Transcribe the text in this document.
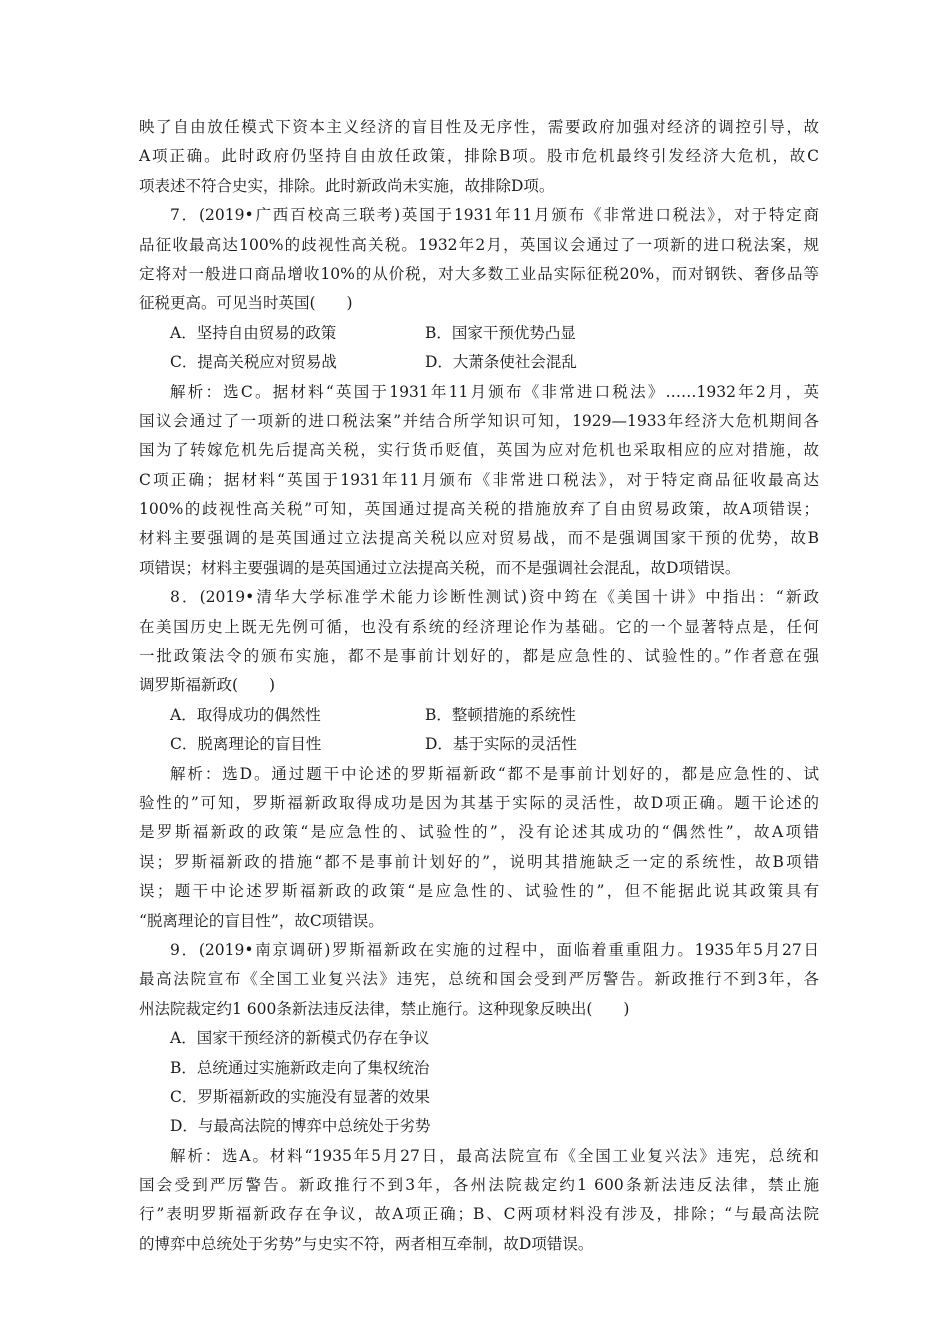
映了自由放任模式下资本主义经济的盲目性及无序性，需要政府加强对经济的调控引导，故
A项正确。此时政府仍坚持自由放任政策，排除B项。股市危机最终引发经济大危机，故C
项表述不符合史实，排除。此时新政尚未实施，故排除D项。
7．(2019•广西百校高三联考)英国于1931年11月颁布《非常进口税法》，对于特定商
品征收最高达100%的歧视性高关税。1932年2月，英国议会通过了一项新的进口税法案，规
定将对一般进口商品增收10%的从价税，对大多数工业品实际征税20%，而对钢铁、奢侈品等
征税更高。可见当时英国(　　)
A．坚持自由贸易的政策	B．国家干预优势凸显
C．提高关税应对贸易战	D．大萧条使社会混乱
解析：选C。据材料“英国于1931年11月颁布《非常进口税法》……1932年2月，英
国议会通过了一项新的进口税法案”并结合所学知识可知，1929—1933年经济大危机期间各
国为了转嫁危机先后提高关税，实行货币贬值，英国为应对危机也采取相应的应对措施，故
C项正确；据材料“英国于1931年11月颁布《非常进口税法》，对于特定商品征收最高达
100%的歧视性高关税”可知，英国通过提高关税的措施放弃了自由贸易政策，故A项错误；
材料主要强调的是英国通过立法提高关税以应对贸易战，而不是强调国家干预的优势，故B
项错误；材料主要强调的是英国通过立法提高关税，而不是强调社会混乱，故D项错误。
8．(2019•清华大学标准学术能力诊断性测试)资中筠在《美国十讲》中指出：“新政
在美国历史上既无先例可循，也没有系统的经济理论作为基础。它的一个显著特点是，任何
一批政策法令的颁布实施，都不是事前计划好的，都是应急性的、试验性的。”作者意在强
调罗斯福新政(　　)
A．取得成功的偶然性	B．整顿措施的系统性
C．脱离理论的盲目性	D．基于实际的灵活性
解析：选D。通过题干中论述的罗斯福新政“都不是事前计划好的，都是应急性的、试
验性的”可知，罗斯福新政取得成功是因为其基于实际的灵活性，故D项正确。题干论述的
是罗斯福新政的政策“是应急性的、试验性的”，没有论述其成功的“偶然性”，故A项错
误；罗斯福新政的措施“都不是事前计划好的”，说明其措施缺乏一定的系统性，故B项错
误；题干中论述罗斯福新政的政策“是应急性的、试验性的”，但不能据此说其政策具有
“脱离理论的盲目性”，故C项错误。
9．(2019•南京调研)罗斯福新政在实施的过程中，面临着重重阻力。1935年5月27日
最高法院宣布《全国工业复兴法》违宪，总统和国会受到严厉警告。新政推行不到3年，各
州法院裁定约1 600条新法违反法律，禁止施行。这种现象反映出(　　)
A．国家干预经济的新模式仍存在争议
B．总统通过实施新政走向了集权统治
C．罗斯福新政的实施没有显著的效果
D．与最高法院的博弈中总统处于劣势
解析：选A。材料“1935年5月27日，最高法院宣布《全国工业复兴法》违宪，总统和
国会受到严厉警告。新政推行不到3年，各州法院裁定约1 600条新法违反法律，禁止施
行”表明罗斯福新政存在争议，故A项正确；B、C两项材料没有涉及，排除；“与最高法院
的博弈中总统处于劣势”与史实不符，两者相互牵制，故D项错误。
